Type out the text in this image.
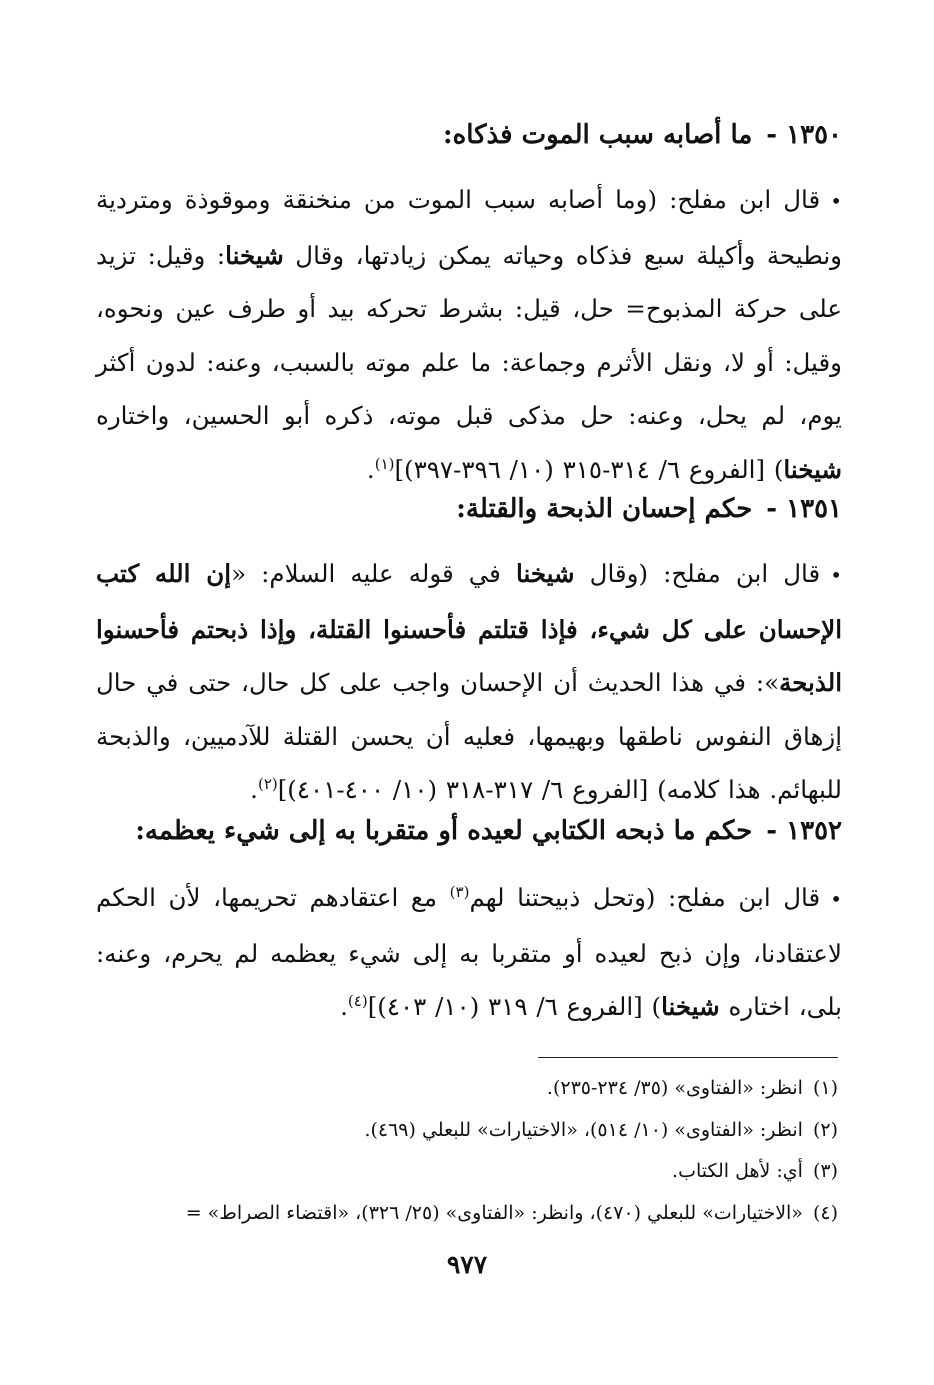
١٣٥٠ -ما أصابه سبب الموت فذكاه:
•قال ابن مفلح: (وما أصابه سبب الموت من منخنقة وموقوذة ومتردية ونطيحة وأكيلة سبع فذكاه وحياته يمكن زيادتها، وقال شيخنا: وقيل: تزيد على حركة المذبوح= حل، قيل: بشرط تحركه بيد أو طرف عين ونحوه، وقيل: أو لا، ونقل الأثرم وجماعة: ما علم موته بالسبب، وعنه: لدون أكثر يوم، لم يحل، وعنه: حل مذكى قبل موته، ذكره أبو الحسين، واختاره شيخنا) [الفروع ٦/ ٣١٤-٣١٥ (١٠/ ٣٩٦-٣٩٧)]$^{(١)}$.
١٣٥١ -حكم إحسان الذبحة والقتلة:
•قال ابن مفلح: (وقال شيخنا في قوله عليه السلام: «إن الله كتب الإحسان على كل شيء، فإذا قتلتم فأحسنوا القتلة، وإذا ذبحتم فأحسنوا الذبحة»: في هذا الحديث أن الإحسان واجب على كل حال، حتى في حال إزهاق النفوس ناطقها وبهيمها، فعليه أن يحسن القتلة للآدميين، والذبحة للبهائم. هذا كلامه) [الفروع ٦/ ٣١٧-٣١٨ (١٠/ ٤٠٠-٤٠١)]$^{(٢)}$.
١٣٥٢ -حكم ما ذبحه الكتابي لعيده أو متقربا به إلى شيء يعظمه:
•قال ابن مفلح: (وتحل ذبيحتنا لهم$^{(٣)}$ مع اعتقادهم تحريمها، لأن الحكم لاعتقادنا، وإن ذبح لعيده أو متقربا به إلى شيء يعظمه لم يحرم، وعنه: بلى، اختاره شيخنا) [الفروع ٦/ ٣١٩ (١٠/ ٤٠٣)]$^{(٤)}$.
(١)انظر: «الفتاوى» (٣٥/ ٢٣٤-٢٣٥).
(٢)انظر: «الفتاوى» (١٠/ ٥١٤)، «الاختيارات» للبعلي (٤٦٩).
(٣)أي: لأهل الكتاب.
(٤)«الاختيارات» للبعلي (٤٧٠)، وانظر: «الفتاوى» (٢٥/ ٣٢٦)، «اقتضاء الصراط» =
٩٧٧
